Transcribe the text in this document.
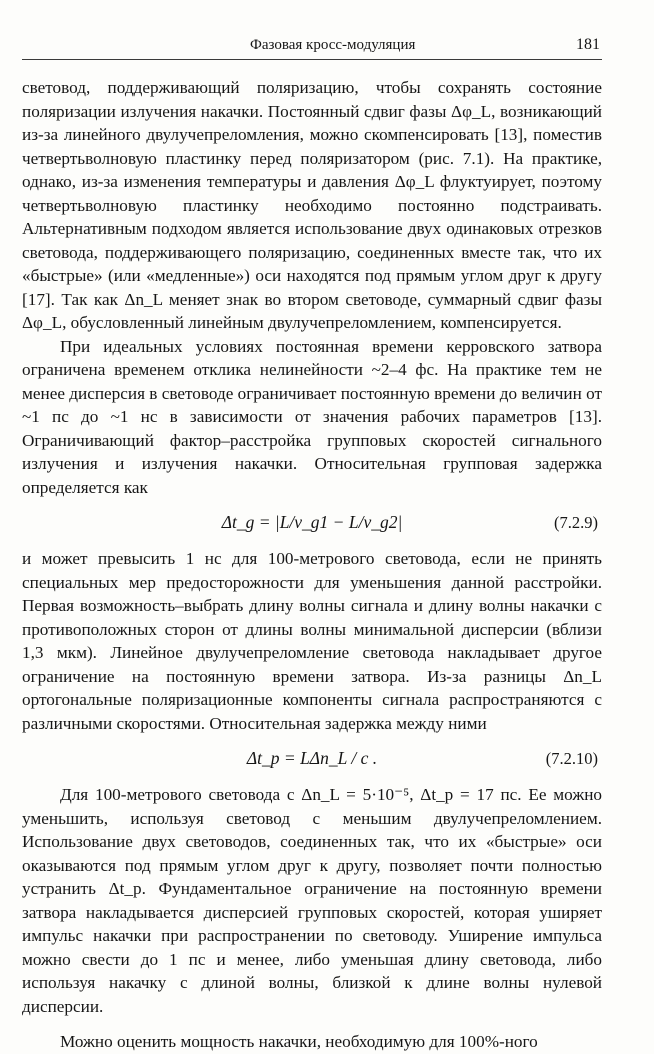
Фазовая кросс-модуляция	181

световод, поддерживающий поляризацию, чтобы сохранять состояние поляризации излучения накачки. Постоянный сдвиг фазы Δφ_L, возникающий из-за линейного двулучепреломления, можно скомпенсировать [13], поместив четвертьволновую пластинку перед поляризатором (рис. 7.1). На практике, однако, из-за изменения температуры и давления Δφ_L флуктуирует, поэтому четвертьволновую пластинку необходимо постоянно подстраивать. Альтернативным подходом является использование двух одинаковых отрезков световода, поддерживающего поляризацию, соединенных вместе так, что их «быстрые» (или «медленные») оси находятся под прямым углом друг к другу [17]. Так как Δn_L меняет знак во втором световоде, суммарный сдвиг фазы Δφ_L, обусловленный линейным двулучепреломлением, компенсируется.

При идеальных условиях постоянная времени керровского затвора ограничена временем отклика нелинейности ~2–4 фс. На практике тем не менее дисперсия в световоде ограничивает постоянную времени до величин от ~1 пс до ~1 нс в зависимости от значения рабочих параметров [13]. Ограничивающий фактор–расстройка групповых скоростей сигнального излучения и излучения накачки. Относительная групповая задержка определяется как

Δt_g = |L/v_g1 − L/v_g2|	(7.2.9)

и может превысить 1 нс для 100-метрового световода, если не принять специальных мер предосторожности для уменьшения данной расстройки. Первая возможность–выбрать длину волны сигнала и длину волны накачки с противоположных сторон от длины волны минимальной дисперсии (вблизи 1,3 мкм). Линейное двулучепреломление световода накладывает другое ограничение на постоянную времени затвора. Из-за разницы Δn_L ортогональные поляризационные компоненты сигнала распространяются с различными скоростями. Относительная задержка между ними

Δt_p = LΔn_L / c .	(7.2.10)

Для 100-метрового световода с Δn_L = 5·10⁻⁵, Δt_p = 17 пс. Ее можно уменьшить, используя световод с меньшим двулучепреломлением. Использование двух световодов, соединенных так, что их «быстрые» оси оказываются под прямым углом друг к другу, позволяет почти полностью устранить Δt_p. Фундаментальное ограничение на постоянную времени затвора накладывается дисперсией групповых скоростей, которая уширяет импульс накачки при распространении по световоду. Уширение импульса можно свести до 1 пс и менее, либо уменьшая длину световода, либо используя накачку с длиной волны, близкой к длине волны нулевой дисперсии.

Можно оценить мощность накачки, необходимую для 100%-ного
